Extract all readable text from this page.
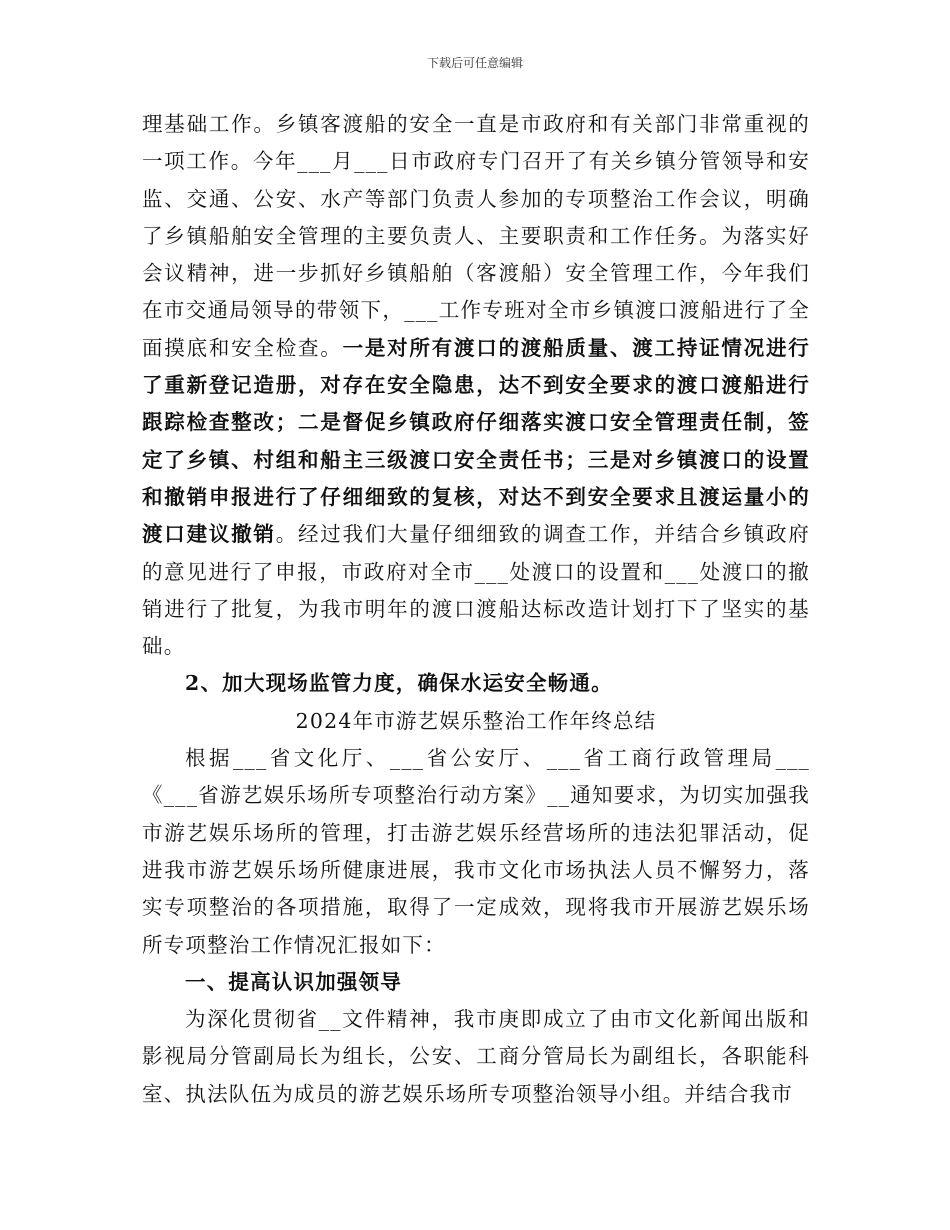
下载后可任意编辑

理基础工作。乡镇客渡船的安全一直是市政府和有关部门非常重视的一项工作。今年___月___日市政府专门召开了有关乡镇分管领导和安监、交通、公安、水产等部门负责人参加的专项整治工作会议，明确了乡镇船舶安全管理的主要负责人、主要职责和工作任务。为落实好会议精神，进一步抓好乡镇船舶（客渡船）安全管理工作，今年我们在市交通局领导的带领下，___工作专班对全市乡镇渡口渡船进行了全面摸底和安全检查。一是对所有渡口的渡船质量、渡工持证情况进行了重新登记造册，对存在安全隐患，达不到安全要求的渡口渡船进行跟踪检查整改；二是督促乡镇政府仔细落实渡口安全管理责任制，签定了乡镇、村组和船主三级渡口安全责任书；三是对乡镇渡口的设置和撤销申报进行了仔细细致的复核，对达不到安全要求且渡运量小的渡口建议撤销。经过我们大量仔细细致的调查工作，并结合乡镇政府的意见进行了申报，市政府对全市___处渡口的设置和___处渡口的撤销进行了批复，为我市明年的渡口渡船达标改造计划打下了坚实的基础。

2、加大现场监管力度，确保水运安全畅通。

2024年市游艺娱乐整治工作年终总结

根据___省文化厅、___省公安厅、___省工商行政管理局___《___省游艺娱乐场所专项整治行动方案》__通知要求，为切实加强我市游艺娱乐场所的管理，打击游艺娱乐经营场所的违法犯罪活动，促进我市游艺娱乐场所健康进展，我市文化市场执法人员不懈努力，落实专项整治的各项措施，取得了一定成效，现将我市开展游艺娱乐场所专项整治工作情况汇报如下：

一、提高认识加强领导

为深化贯彻省__文件精神，我市庚即成立了由市文化新闻出版和影视局分管副局长为组长，公安、工商分管局长为副组长，各职能科室、执法队伍为成员的游艺娱乐场所专项整治领导小组。并结合我市
